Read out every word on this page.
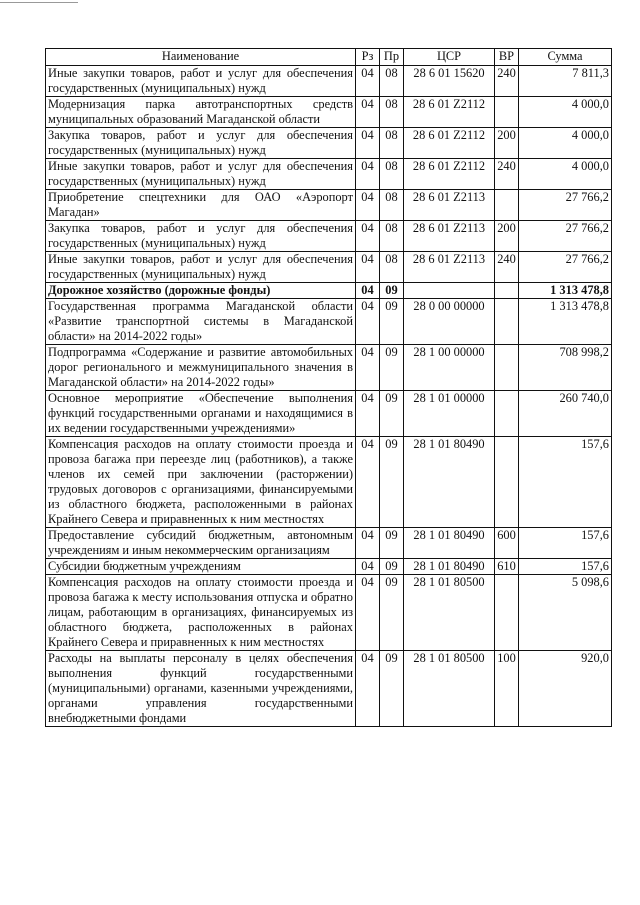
Наименование	Рз	Пр	ЦСР	ВР	Сумма
Иные закупки товаров, работ и услуг для обеспечения государственных (муниципальных) нужд	04	08	28 6 01 15620	240	7 811,3
Модернизация парка автотранспортных средств муниципальных образований Магаданской области	04	08	28 6 01 Z2112		4 000,0
Закупка товаров, работ и услуг для обеспечения государственных (муниципальных) нужд	04	08	28 6 01 Z2112	200	4 000,0
Иные закупки товаров, работ и услуг для обеспечения государственных (муниципальных) нужд	04	08	28 6 01 Z2112	240	4 000,0
Приобретение спецтехники для ОАО «Аэропорт Магадан»	04	08	28 6 01 Z2113		27 766,2
Закупка товаров, работ и услуг для обеспечения государственных (муниципальных) нужд	04	08	28 6 01 Z2113	200	27 766,2
Иные закупки товаров, работ и услуг для обеспечения государственных (муниципальных) нужд	04	08	28 6 01 Z2113	240	27 766,2
Дорожное хозяйство (дорожные фонды)	04	09			1 313 478,8
Государственная программа Магаданской области «Развитие транспортной системы в Магаданской области» на 2014-2022 годы»	04	09	28 0 00 00000		1 313 478,8
Подпрограмма «Содержание и развитие автомобильных дорог регионального и межмуниципального значения в Магаданской области» на 2014-2022 годы»	04	09	28 1 00 00000		708 998,2
Основное мероприятие «Обеспечение выполнения функций государственными органами и находящимися в их ведении государственными учреждениями»	04	09	28 1 01 00000		260 740,0
Компенсация расходов на оплату стоимости проезда и провоза багажа при переезде лиц (работников), а также членов их семей при заключении (расторжении) трудовых договоров с организациями, финансируемыми из областного бюджета, расположенными в районах Крайнего Севера и приравненных к ним местностях	04	09	28 1 01 80490		157,6
Предоставление субсидий бюджетным, автономным учреждениям и иным некоммерческим организациям	04	09	28 1 01 80490	600	157,6
Субсидии бюджетным учреждениям	04	09	28 1 01 80490	610	157,6
Компенсация расходов на оплату стоимости проезда и провоза багажа к месту использования отпуска и обратно лицам, работающим в организациях, финансируемых из областного бюджета, расположенных в районах Крайнего Севера и приравненных к ним местностях	04	09	28 1 01 80500		5 098,6
Расходы на выплаты персоналу в целях обеспечения выполнения функций государственными (муниципальными) органами, казенными учреждениями, органами управления государственными внебюджетными фондами	04	09	28 1 01 80500	100	920,0
